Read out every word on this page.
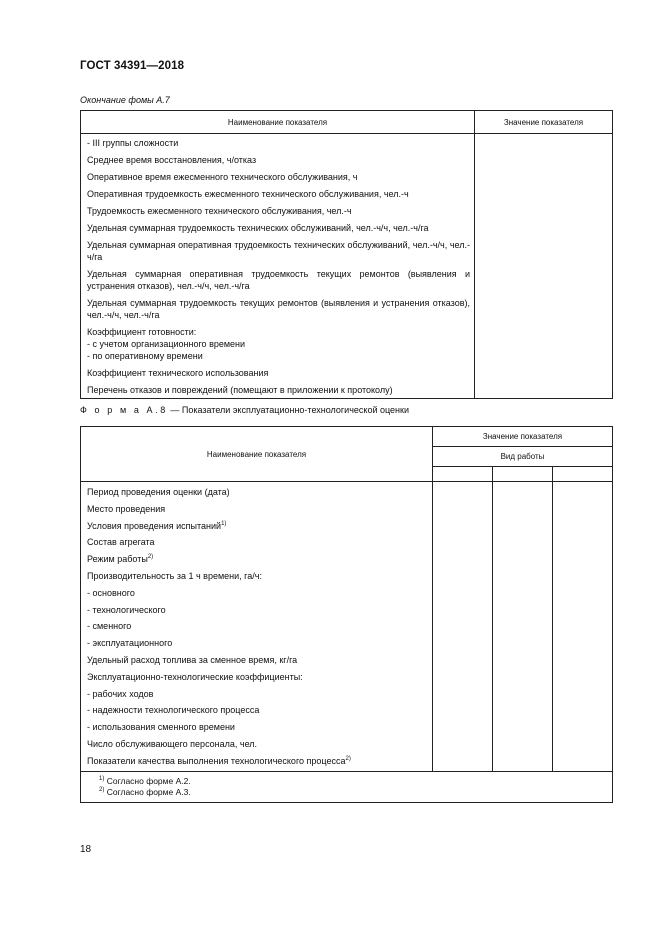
ГОСТ 34391—2018
Окончание фомы А.7
Наименование показателя	Значение показателя
- III группы сложности	
Среднее время восстановления, ч/отказ	
Оперативное время ежесменного технического обслуживания, ч	
Оперативная трудоемкость ежесменного технического обслуживания, чел.-ч	
Трудоемкость ежесменного технического обслуживания, чел.-ч	
Удельная суммарная трудоемкость технических обслуживаний, чел.-ч/ч, чел.-ч/га	
Удельная суммарная оперативная трудоемкость технических обслуживаний, чел.-ч/ч, чел.-ч/га	
Удельная суммарная оперативная трудоемкость текущих ремонтов (выявления и устранения отказов), чел.-ч/ч, чел.-ч/га	
Удельная суммарная трудоемкость текущих ремонтов (выявления и устранения отказов), чел.-ч/ч, чел.-ч/га	
Коэффициент готовности:
- с учетом организационного времени
- по оперативному времени	
Коэффициент технического использования	
Перечень отказов и повреждений (помещают в приложении к протоколу)	
Ф о р м а А.8 — Показатели эксплуатационно-технологической оценки
Наименование показателя	Значение показателя		
	Вид работы		

Период проведения оценки (дата)			
Место проведения			
Условия проведения испытаний$^{1)}$			
Состав агрегата			
Режим работы$^{2)}$			
Производительность за 1 ч времени, га/ч:			
- основного			
- технологического			
- сменного			
- эксплуатационного			
Удельный расход топлива за сменное время, кг/га			
Эксплуатационно-технологические коэффициенты:			
- рабочих ходов			
- надежности технологического процесса			
- использования сменного времени			
Число обслуживающего персонала, чел.			
Показатели качества выполнения технологического процесса$^{2)}$			

$^{1)}$ Согласно форме А.2.
$^{2)}$ Согласно форме А.3.			
18
